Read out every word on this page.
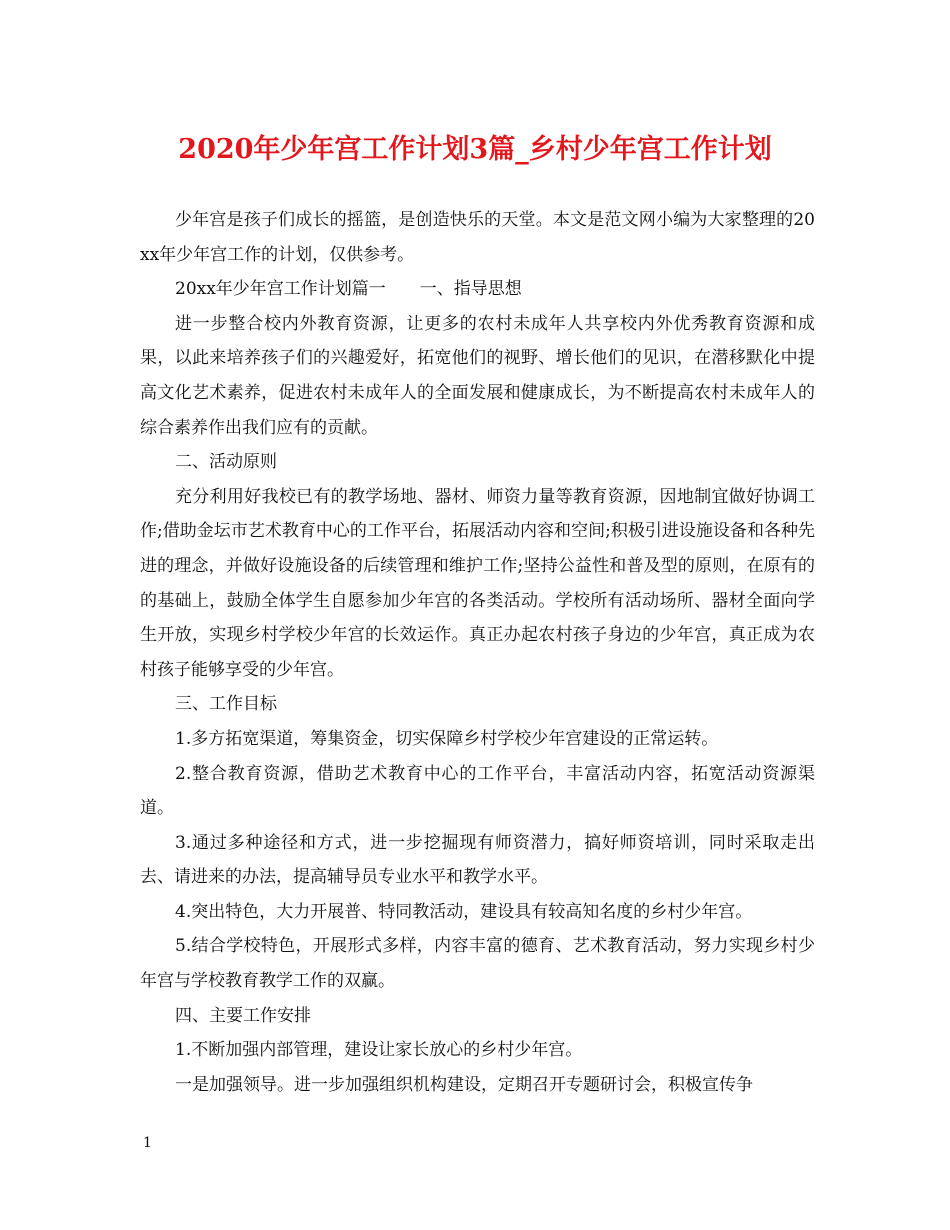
2020年少年宫工作计划3篇_乡村少年宫工作计划

少年宫是孩子们成长的摇篮，是创造快乐的天堂。本文是范文网小编为大家整理的20xx年少年宫工作的计划，仅供参考。

20xx年少年宫工作计划篇一　　一、指导思想

进一步整合校内外教育资源，让更多的农村未成年人共享校内外优秀教育资源和成果，以此来培养孩子们的兴趣爱好，拓宽他们的视野、增长他们的见识，在潜移默化中提高文化艺术素养，促进农村未成年人的全面发展和健康成长，为不断提高农村未成年人的综合素养作出我们应有的贡献。

二、活动原则

充分利用好我校已有的教学场地、器材、师资力量等教育资源，因地制宜做好协调工作;借助金坛市艺术教育中心的工作平台，拓展活动内容和空间;积极引进设施设备和各种先进的理念，并做好设施设备的后续管理和维护工作;坚持公益性和普及型的原则，在原有的的基础上，鼓励全体学生自愿参加少年宫的各类活动。学校所有活动场所、器材全面向学生开放，实现乡村学校少年宫的长效运作。真正办起农村孩子身边的少年宫，真正成为农村孩子能够享受的少年宫。

三、工作目标

1.多方拓宽渠道，筹集资金，切实保障乡村学校少年宫建设的正常运转。

2.整合教育资源，借助艺术教育中心的工作平台，丰富活动内容，拓宽活动资源渠道。

3.通过多种途径和方式，进一步挖掘现有师资潜力，搞好师资培训，同时采取走出去、请进来的办法，提高辅导员专业水平和教学水平。

4.突出特色，大力开展普、特同教活动，建设具有较高知名度的乡村少年宫。

5.结合学校特色，开展形式多样，内容丰富的德育、艺术教育活动，努力实现乡村少年宫与学校教育教学工作的双赢。

四、主要工作安排

1.不断加强内部管理，建设让家长放心的乡村少年宫。

一是加强领导。进一步加强组织机构建设，定期召开专题研讨会，积极宣传争

1
